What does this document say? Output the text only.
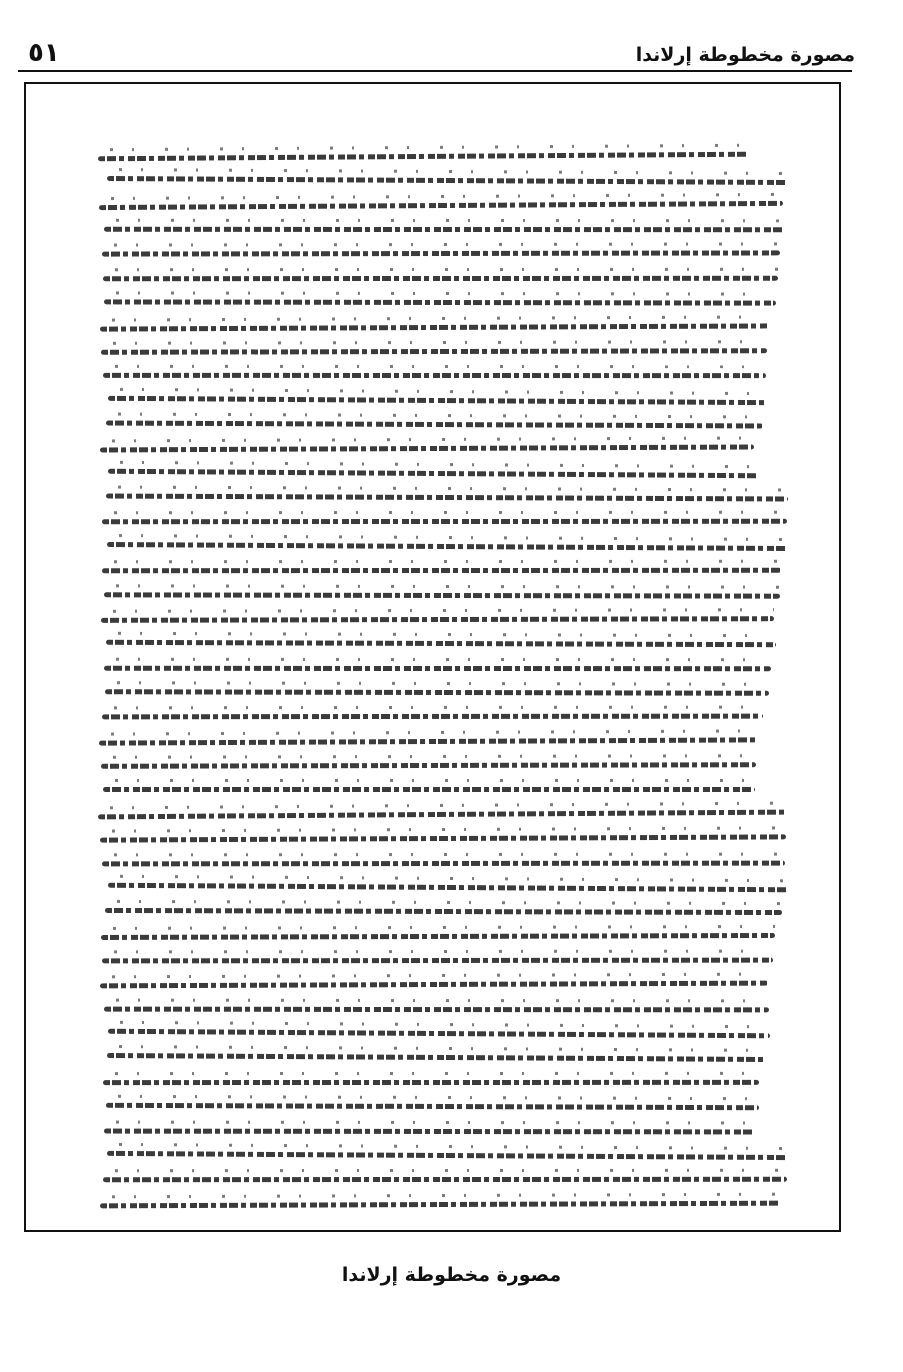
٥١	مصورة مخطوطة إرلاندا
مصورة مخطوطة إرلاندا
